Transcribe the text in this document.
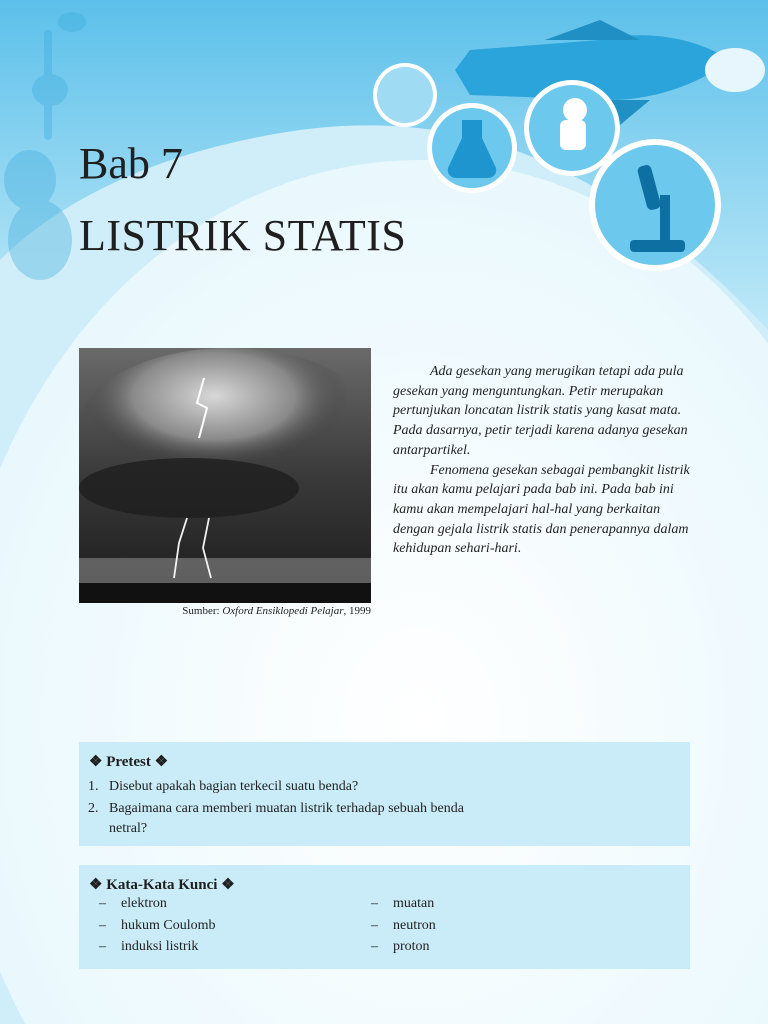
Bab 7
LISTRIK STATIS
Sumber: Oxford Ensiklopedi Pelajar, 1999

Ada gesekan yang merugikan tetapi ada pula gesekan yang menguntungkan. Petir merupakan pertunjukan loncatan listrik statis yang kasat mata. Pada dasarnya, petir terjadi karena adanya gesekan antarpartikel.

Fenomena gesekan sebagai pembangkit listrik itu akan kamu pelajari pada bab ini. Pada bab ini kamu akan mempelajari hal-hal yang berkaitan dengan gejala listrik statis dan penerapannya dalam kehidupan sehari-hari.

❖ Pretest ❖
1. Disebut apakah bagian terkecil suatu benda?
2. Bagaimana cara memberi muatan listrik terhadap sebuah benda
netral?
❖ Kata-Kata Kunci ❖
– elektron
– hukum Coulomb
– induksi listrik
– muatan
– neutron
– proton
